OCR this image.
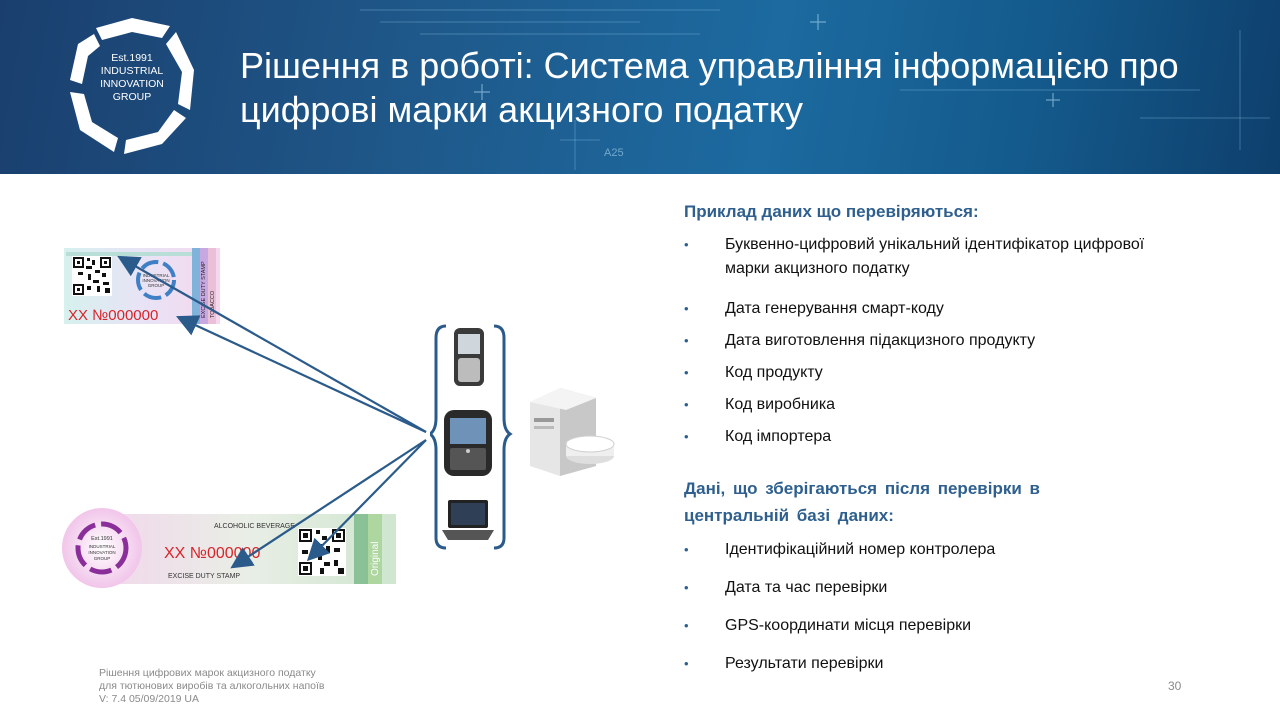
A25
Est.1991
INDUSTRIAL
INNOVATION
GROUP
Рішення в роботі: Система управління інформацією про цифрові марки акцизного податку
INDUSTRIAL
INNOVATION
GROUP	EXCISE DUTY STAMP TOBACCO
XX №000000
Est.1991
INDUSTRIAL
INNOVATION
GROUP
ALCOHOLIC BEVERAGE
XX №000000
EXCISE DUTY STAMP
Original
Приклад даних що перевіряються:
• Буквенно-цифровий унікальний ідентифікатор цифрової марки акцизного податку
• Дата генерування смарт-коду
• Дата виготовлення підакцизного продукту
• Код продукту
• Код виробника
• Код імпортера
Дані, що зберігаються після перевірки в центральній базі даних:
• Ідентифікаційний номер контролера
• Дата та час перевірки
• GPS-координати місця перевірки
• Результати перевірки
Рішення цифрових марок акцизного податку
для тютюнових виробів та алкогольних напоїв
V: 7.4 05/09/2019 UA
30
